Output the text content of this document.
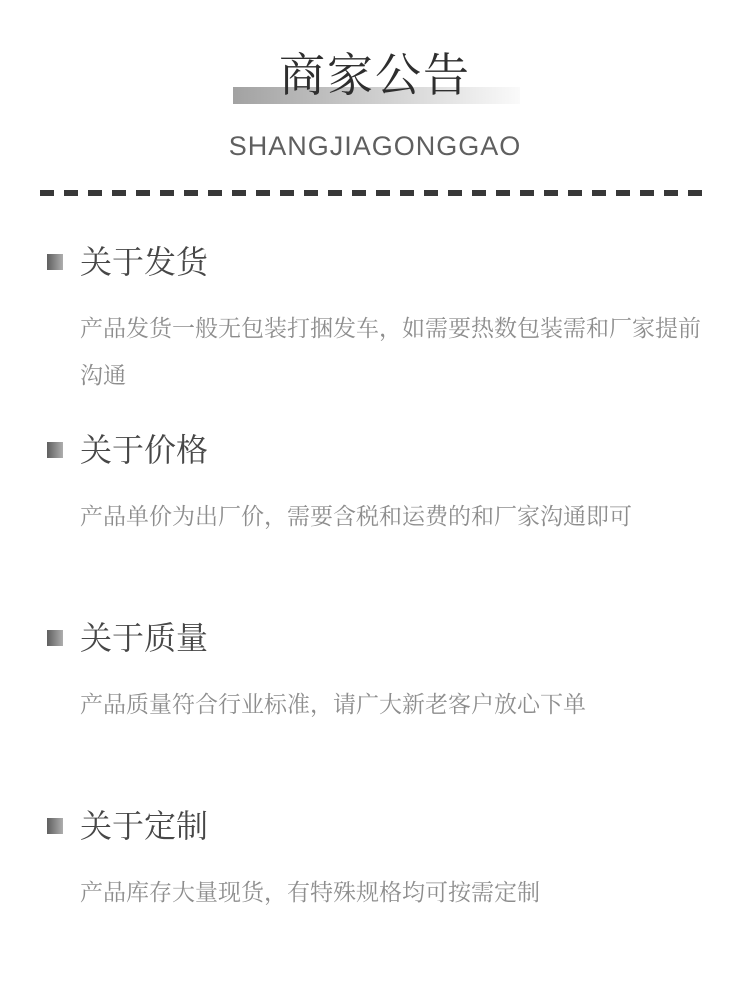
商家公告
SHANGJIAGONGGAO
关于发货
产品发货一般无包装打捆发车，如需要热数包装需和厂家提前沟通
关于价格
产品单价为出厂价，需要含税和运费的和厂家沟通即可
关于质量
产品质量符合行业标准，请广大新老客户放心下单
关于定制
产品库存大量现货，有特殊规格均可按需定制
